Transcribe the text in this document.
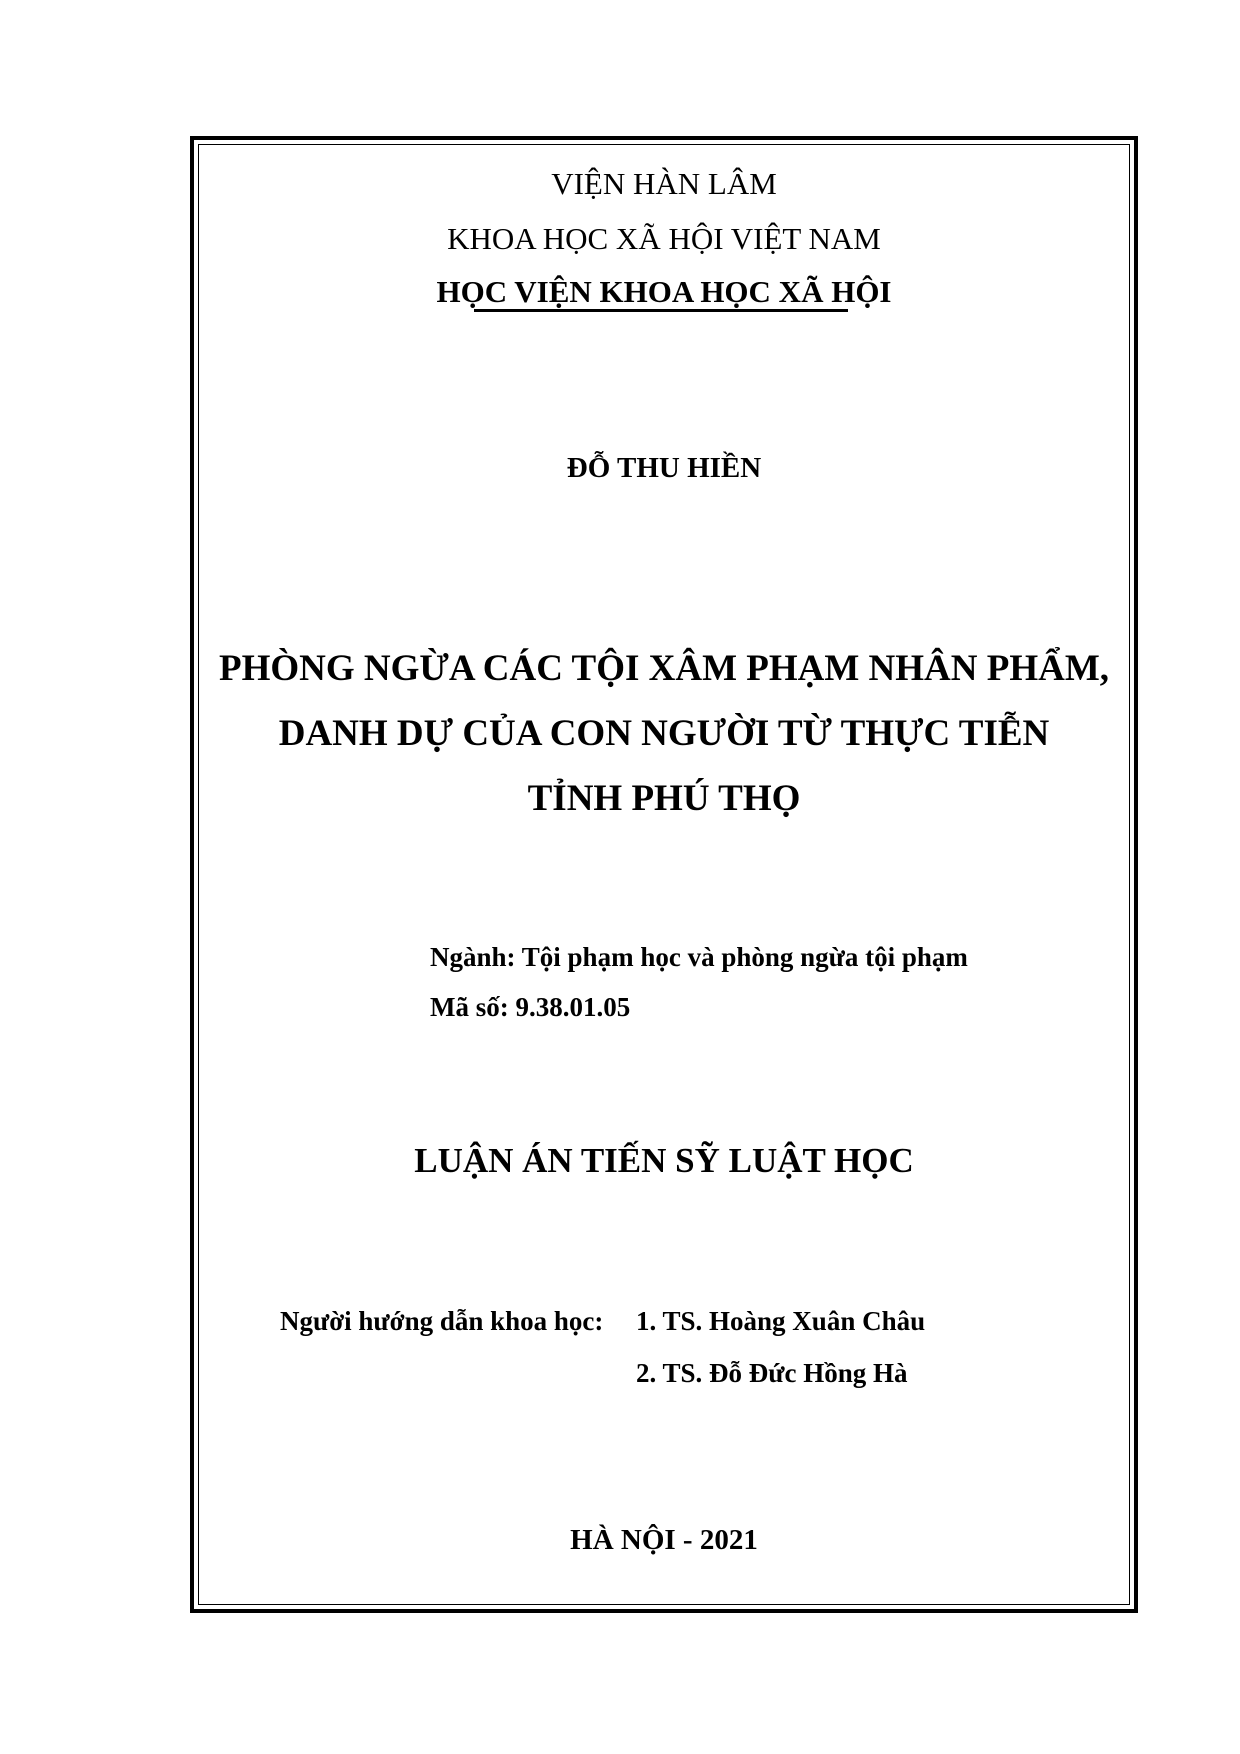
VIỆN HÀN LÂM
KHOA HỌC XÃ HỘI VIỆT NAM
HỌC VIỆN KHOA HỌC XÃ HỘI
ĐỖ THU HIỀN
PHÒNG NGỪA CÁC TỘI XÂM PHẠM NHÂN PHẨM,
DANH DỰ CỦA CON NGƯỜI TỪ THỰC TIỄN
TỈNH PHÚ THỌ
Ngành: Tội phạm học và phòng ngừa tội phạm
Mã số: 9.38.01.05
LUẬN ÁN TIẾN SỸ LUẬT HỌC
Người hướng dẫn khoa học: 1. TS. Hoàng Xuân Châu
2. TS. Đỗ Đức Hồng Hà
HÀ NỘI - 2021
